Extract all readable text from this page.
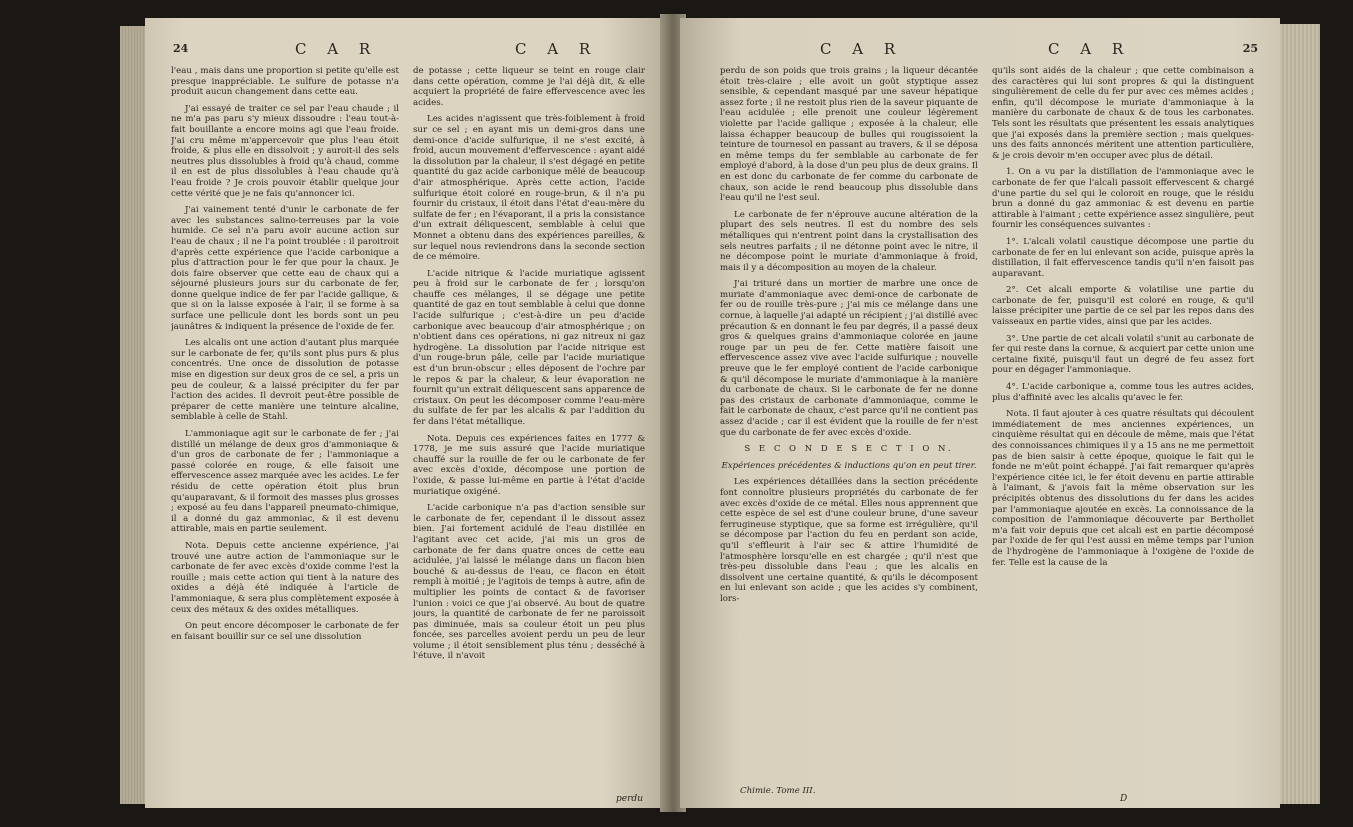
24	C A R	C A R

l'eau , mais dans une proportion si petite qu'elle est presque inappréciable. Le sulfure de potasse n'a produit aucun changement dans cette eau.

J'ai essayé de traiter ce sel par l'eau chaude ; il ne m'a pas paru s'y mieux dissoudre : l'eau tout-à-fait bouillante a encore moins agi que l'eau froide. J'ai cru même m'appercevoir que plus l'eau étoit froide, & plus elle en dissolvoit ; y auroit-il des sels neutres plus dissolubles à froid qu'à chaud, comme il en est de plus dissolubles à l'eau chaude qu'à l'eau froide ? Je crois pouvoir établir quelque jour cette vérité que je ne fais qu'annoncer ici.

J'ai vainement tenté d'unir le carbonate de fer avec les substances salino-terreuses par la voie humide. Ce sel n'a paru avoir aucune action sur l'eau de chaux ; il ne l'a point troublée : il paroitroit d'après cette expérience que l'acide carbonique a plus d'attraction pour le fer que pour la chaux. Je dois faire observer que cette eau de chaux qui a séjourné plusieurs jours sur du carbonate de fer, donne quelque indice de fer par l'acide gallique, & que si on la laisse exposée à l'air, il se forme à sa surface une pellicule dont les bords sont un peu jaunâtres & indiquent la présence de l'oxide de fer.

Les alcalis ont une action d'autant plus marquée sur le carbonate de fer, qu'ils sont plus purs & plus concentrés. Une once de dissolution de potasse mise en digestion sur deux gros de ce sel, a pris un peu de couleur, & a laissé précipiter du fer par l'action des acides. Il devroit peut-être possible de préparer de cette manière une teinture alcaline, semblable à celle de Stahl.

L'ammoniaque agit sur le carbonate de fer ; j'ai distillé un mélange de deux gros d'ammoniaque & d'un gros de carbonate de fer ; l'ammoniaque a passé colorée en rouge, & elle faisoit une effervescence assez marquée avec les acides. Le fer résidu de cette opération étoit plus brun qu'auparavant, & il formoit des masses plus grosses ; exposé au feu dans l'appareil pneumato-chimique, il a donné du gaz ammoniac, & il est devenu attirable, mais en partie seulement.

Nota. Depuis cette ancienne expérience, j'ai trouvé une autre action de l'ammoniaque sur le carbonate de fer avec excès d'oxide comme l'est la rouille ; mais cette action qui tient à la nature des oxides a déjà été indiquée à l'article de l'ammoniaque, & sera plus complètement exposée à ceux des métaux & des oxides métalliques.

On peut encore décomposer le carbonate de fer en faisant bouillir sur ce sel une dissolution

de potasse ; cette liqueur se teint en rouge clair dans cette opération, comme je l'ai déjà dit, & elle acquiert la propriété de faire effervescence avec les acides.

Les acides n'agissent que très-foiblement à froid sur ce sel ; en ayant mis un demi-gros dans une demi-once d'acide sulfurique, il ne s'est excité, à froid, aucun mouvement d'effervescence : ayant aidé la dissolution par la chaleur, il s'est dégagé en petite quantité du gaz acide carbonique mêlé de beaucoup d'air atmosphérique. Après cette action, l'acide sulfurique étoit coloré en rouge-brun, & il n'a pu fournir du cristaux, il étoit dans l'état d'eau-mère du sulfate de fer ; en l'évaporant, il a pris la consistance d'un extrait déliquescent, semblable à celui que Monnet a obtenu dans des expériences pareilles, & sur lequel nous reviendrons dans la seconde section de ce mémoire.

L'acide nitrique & l'acide muriatique agissent peu à froid sur le carbonate de fer ; lorsqu'on chauffe ces mélanges, il se dégage une petite quantité de gaz en tout semblable à celui que donne l'acide sulfurique ; c'est-à-dire un peu d'acide carbonique avec beaucoup d'air atmosphérique ; on n'obtient dans ces opérations, ni gaz nitreux ni gaz hydrogène. La dissolution par l'acide nitrique est d'un rouge-brun pâle, celle par l'acide muriatique est d'un brun-obscur ; elles déposent de l'ochre par le repos & par la chaleur, & leur évaporation ne fournit qu'un extrait déliquescent sans apparence de cristaux. On peut les décomposer comme l'eau-mère du sulfate de fer par les alcalis & par l'addition du fer dans l'état métallique.

Nota. Depuis ces expériences faites en 1777 & 1778, je me suis assuré que l'acide muriatique chauffé sur la rouille de fer ou le carbonate de fer avec excès d'oxide, décompose une portion de l'oxide, & passe lui-même en partie à l'état d'acide muriatique oxigéné.

L'acide carbonique n'a pas d'action sensible sur le carbonate de fer, cependant il le dissout assez bien. J'ai fortement acidulé de l'eau distillée en l'agitant avec cet acide, j'ai mis un gros de carbonate de fer dans quatre onces de cette eau acidulée, j'ai laissé le mélange dans un flacon bien bouché & au-dessus de l'eau, ce flacon en étoit rempli à moitié ; je l'agitois de temps à autre, afin de multiplier les points de contact & de favoriser l'union : voici ce que j'ai observé. Au bout de quatre jours, la quantité de carbonate de fer ne paroissoit pas diminuée, mais sa couleur étoit un peu plus foncée, ses parcelles avoient perdu un peu de leur volume ; il étoit sensiblement plus ténu ; desséché à l'étuve, il n'avoit

perdu
C A R	C A R	25

perdu de son poids que trois grains ; la liqueur décantée étoit très-claire ; elle avoit un goût styptique assez sensible, & cependant masqué par une saveur hépatique assez forte ; il ne restoit plus rien de la saveur piquante de l'eau acidulée ; elle prenoit une couleur légèrement violette par l'acide gallique ; exposée à la chaleur, elle laissa échapper beaucoup de bulles qui rougissoient la teinture de tournesol en passant au travers, & il se déposa en même temps du fer semblable au carbonate de fer employé d'abord, à la dose d'un peu plus de deux grains. Il en est donc du carbonate de fer comme du carbonate de chaux, son acide le rend beaucoup plus dissoluble dans l'eau qu'il ne l'est seul.

Le carbonate de fer n'éprouve aucune altération de la plupart des sels neutres. Il est du nombre des sels métalliques qui n'entrent point dans la crystallisation des sels neutres parfaits ; il ne détonne point avec le nitre, il ne décompose point le muriate d'ammoniaque à froid, mais il y a décomposition au moyen de la chaleur.

J'ai trituré dans un mortier de marbre une once de muriate d'ammoniaque avec demi-once de carbonate de fer ou de rouille très-pure ; j'ai mis ce mélange dans une cornue, à laquelle j'ai adapté un récipient ; j'ai distillé avec précaution & en donnant le feu par degrés, il a passé deux gros & quelques grains d'ammoniaque colorée en jaune rouge par un peu de fer. Cette matière faisoit une effervescence assez vive avec l'acide sulfurique ; nouvelle preuve que le fer employé contient de l'acide carbonique & qu'il décompose le muriate d'ammoniaque à la manière du carbonate de chaux. Si le carbonate de fer ne donne pas des cristaux de carbonate d'ammoniaque, comme le fait le carbonate de chaux, c'est parce qu'il ne contient pas assez d'acide ; car il est évident que la rouille de fer n'est que du carbonate de fer avec excès d'oxide.

S E C O N D E S E C T I O N.

Expériences précédentes & inductions qu'on en peut tirer.

Les expériences détaillées dans la section précédente font connoître plusieurs propriétés du carbonate de fer avec excès d'oxide de ce métal. Elles nous apprennent que cette espèce de sel est d'une couleur brune, d'une saveur ferrugineuse styptique, que sa forme est irrégulière, qu'il se décompose par l'action du feu en perdant son acide, qu'il s'effleurit à l'air sec & attire l'humidité de l'atmosphère lorsqu'elle en est chargée ; qu'il n'est que très-peu dissoluble dans l'eau ; que les alcalis en dissolvent une certaine quantité, & qu'ils le décomposent en lui enlevant son acide ; que les acides s'y combinent, lors-

qu'ils sont aidés de la chaleur ; que cette combinaison a des caractères qui lui sont propres & qui la distinguent singulièrement de celle du fer pur avec ces mêmes acides ; enfin, qu'il décompose le muriate d'ammoniaque à la manière du carbonate de chaux & de tous les carbonates. Tels sont les résultats que présentent les essais analytiques que j'ai exposés dans la première section ; mais quelques-uns des faits annoncés méritent une attention particulière, & je crois devoir m'en occuper avec plus de détail.

1. On a vu par la distillation de l'ammoniaque avec le carbonate de fer que l'alcali passoit effervescent & chargé d'une partie du sel qui le coloroit en rouge, que le résidu brun a donné du gaz ammoniac & est devenu en partie attirable à l'aimant ; cette expérience assez singulière, peut fournir les conséquences suivantes :

1°. L'alcali volatil caustique décompose une partie du carbonate de fer en lui enlevant son acide, puisque après la distillation, il fait effervescence tandis qu'il n'en faisoit pas auparavant.

2°. Cet alcali emporte & volatilise une partie du carbonate de fer, puisqu'il est coloré en rouge, & qu'il laisse précipiter une partie de ce sel par les repos dans des vaisseaux en partie vides, ainsi que par les acides.

3°. Une partie de cet alcali volatil s'unit au carbonate de fer qui reste dans la cornue, & acquiert par cette union une certaine fixité, puisqu'il faut un degré de feu assez fort pour en dégager l'ammoniaque.

4°. L'acide carbonique a, comme tous les autres acides, plus d'affinité avec les alcalis qu'avec le fer.

Nota. Il faut ajouter à ces quatre résultats qui découlent immédiatement de mes anciennes expériences, un cinquième résultat qui en découle de même, mais que l'état des connoissances chimiques il y a 15 ans ne me permettoit pas de bien saisir à cette époque, quoique le fait qui le fonde ne m'eût point échappé. J'ai fait remarquer qu'après l'expérience citée ici, le fer étoit devenu en partie attirable à l'aimant, & j'avois fait la même observation sur les précipités obtenus des dissolutions du fer dans les acides par l'ammoniaque ajoutée en excès. La connoissance de la composition de l'ammoniaque découverte par Berthollet m'a fait voir depuis que cet alcali est en partie décomposé par l'oxide de fer qui l'est aussi en même temps par l'union de l'hydrogène de l'ammoniaque à l'oxigène de l'oxide de fer. Telle est la cause de la

Chimie. Tome III.
D
